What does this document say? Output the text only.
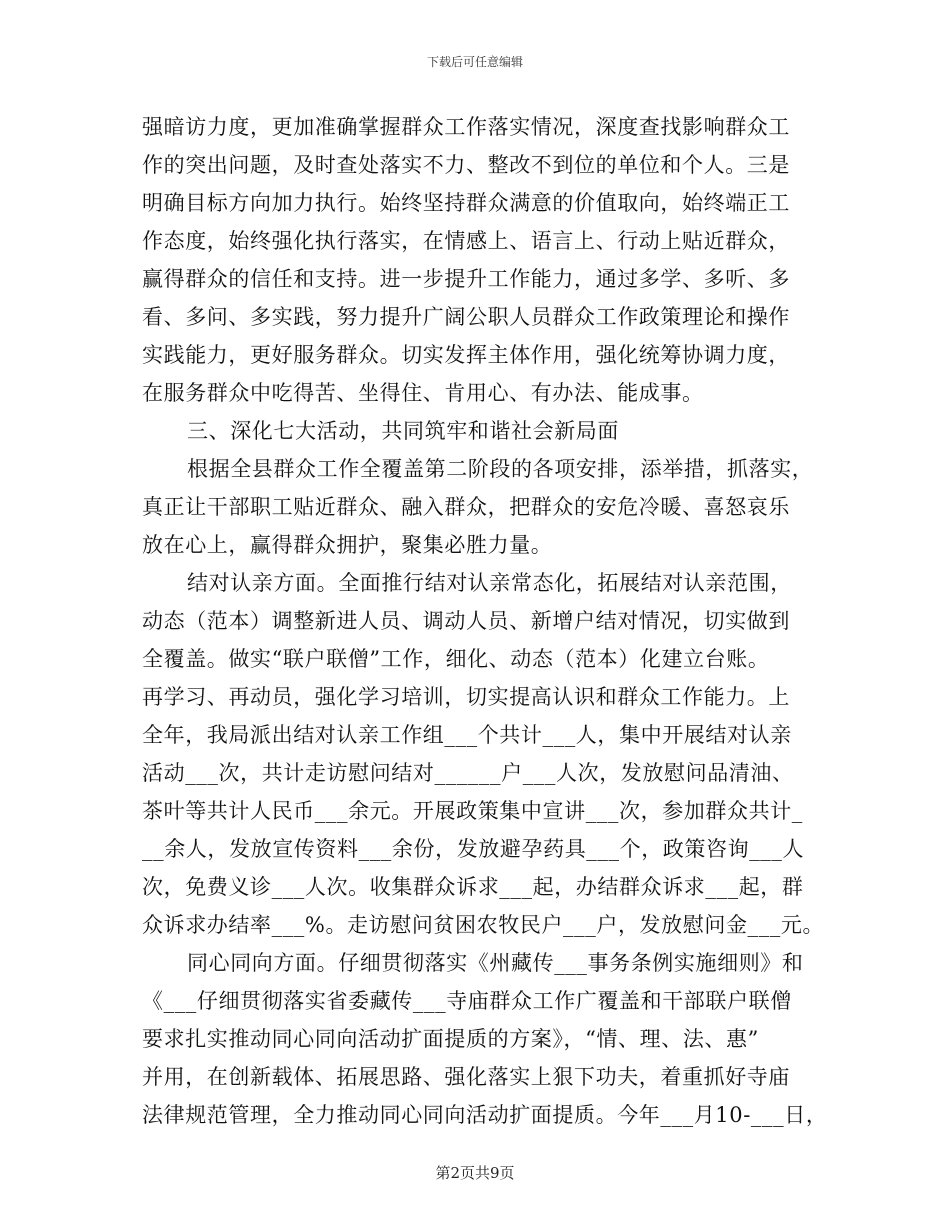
下载后可任意编辑
强暗访力度，更加准确掌握群众工作落实情况，深度查找影响群众工
作的突出问题，及时查处落实不力、整改不到位的单位和个人。三是
明确目标方向加力执行。始终坚持群众满意的价值取向，始终端正工
作态度，始终强化执行落实，在情感上、语言上、行动上贴近群众，
赢得群众的信任和支持。进一步提升工作能力，通过多学、多听、多
看、多问、多实践，努力提升广阔公职人员群众工作政策理论和操作
实践能力，更好服务群众。切实发挥主体作用，强化统筹协调力度，
在服务群众中吃得苦、坐得住、肯用心、有办法、能成事。
三、深化七大活动，共同筑牢和谐社会新局面
根据全县群众工作全覆盖第二阶段的各项安排，添举措，抓落实，
真正让干部职工贴近群众、融入群众，把群众的安危冷暖、喜怒哀乐
放在心上，赢得群众拥护，聚集必胜力量。
结对认亲方面。全面推行结对认亲常态化，拓展结对认亲范围，
动态（范本）调整新进人员、调动人员、新增户结对情况，切实做到
全覆盖。做实“联户联僧”工作，细化、动态（范本）化建立台账。
再学习、再动员，强化学习培训，切实提高认识和群众工作能力。上
全年，我局派出结对认亲工作组___个共计___人，集中开展结对认亲
活动___次，共计走访慰问结对______户___人次，发放慰问品清油、
茶叶等共计人民币___余元。开展政策集中宣讲___次，参加群众共计_
__余人，发放宣传资料___余份，发放避孕药具___个，政策咨询___人
次，免费义诊___人次。收集群众诉求___起，办结群众诉求___起，群
众诉求办结率___%。走访慰问贫困农牧民户___户，发放慰问金___元。
同心同向方面。仔细贯彻落实《州藏传___事务条例实施细则》和
《___仔细贯彻落实省委藏传___寺庙群众工作广覆盖和干部联户联僧
要求扎实推动同心同向活动扩面提质的方案》，“情、理、法、惠”
并用，在创新载体、拓展思路、强化落实上狠下功夫，着重抓好寺庙
法律规范管理，全力推动同心同向活动扩面提质。今年___月10-___日，
第2页共9页
